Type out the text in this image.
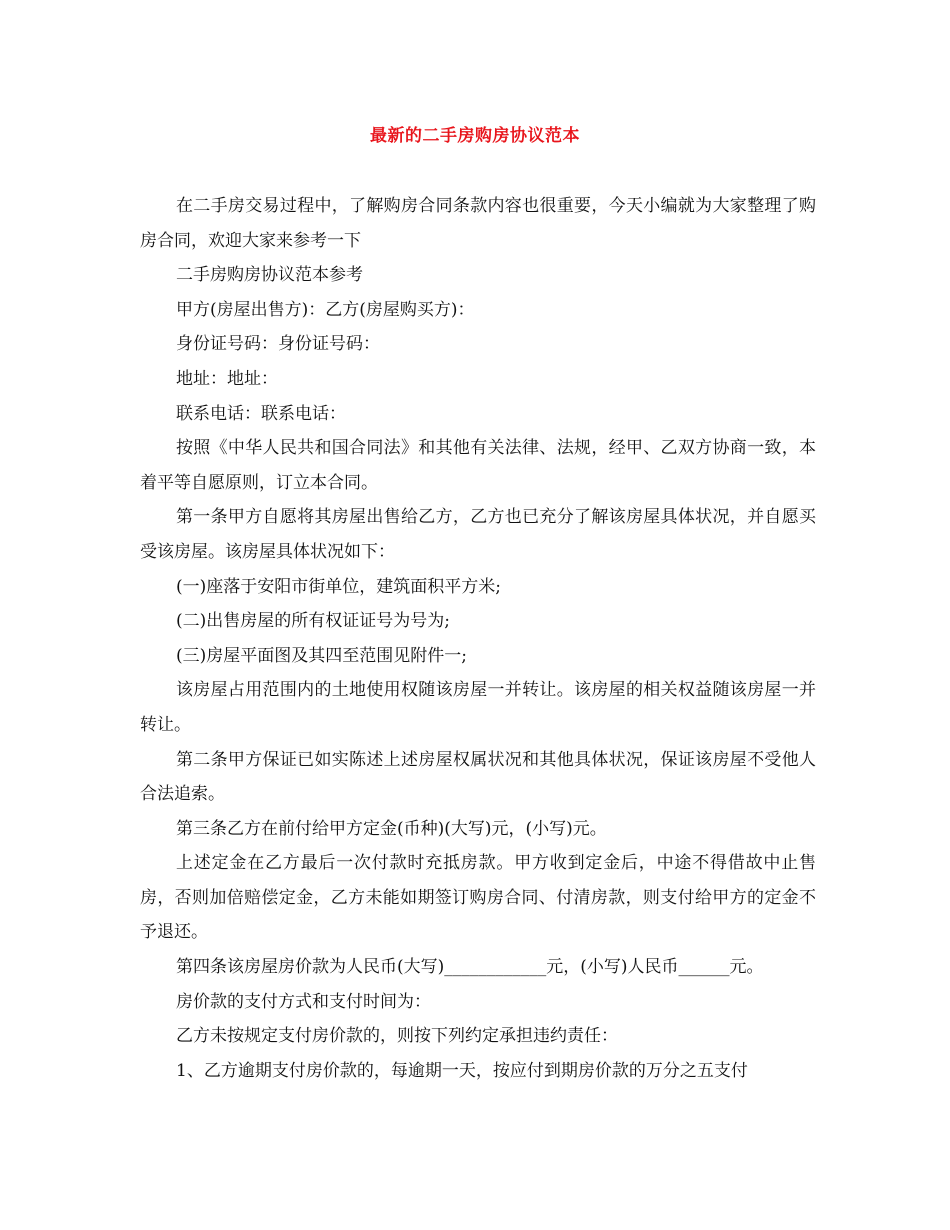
最新的二手房购房协议范本

在二手房交易过程中，了解购房合同条款内容也很重要，今天小编就为大家整理了购房合同，欢迎大家来参考一下

二手房购房协议范本参考

甲方(房屋出售方)：乙方(房屋购买方)：

身份证号码：身份证号码：

地址：地址：

联系电话：联系电话：

按照《中华人民共和国合同法》和其他有关法律、法规，经甲、乙双方协商一致，本着平等自愿原则，订立本合同。

第一条甲方自愿将其房屋出售给乙方，乙方也已充分了解该房屋具体状况，并自愿买受该房屋。该房屋具体状况如下：

(一)座落于安阳市街单位，建筑面积平方米;

(二)出售房屋的所有权证证号为号为;

(三)房屋平面图及其四至范围见附件一;

该房屋占用范围内的土地使用权随该房屋一并转让。该房屋的相关权益随该房屋一并转让。

第二条甲方保证已如实陈述上述房屋权属状况和其他具体状况，保证该房屋不受他人合法追索。

第三条乙方在前付给甲方定金(币种)(大写)元，(小写)元。

上述定金在乙方最后一次付款时充抵房款。甲方收到定金后，中途不得借故中止售房，否则加倍赔偿定金，乙方未能如期签订购房合同、付清房款，则支付给甲方的定金不予退还。

第四条该房屋房价款为人民币(大写)____________元，(小写)人民币______元。

房价款的支付方式和支付时间为：

乙方未按规定支付房价款的，则按下列约定承担违约责任：

1、乙方逾期支付房价款的，每逾期一天，按应付到期房价款的万分之五支付
